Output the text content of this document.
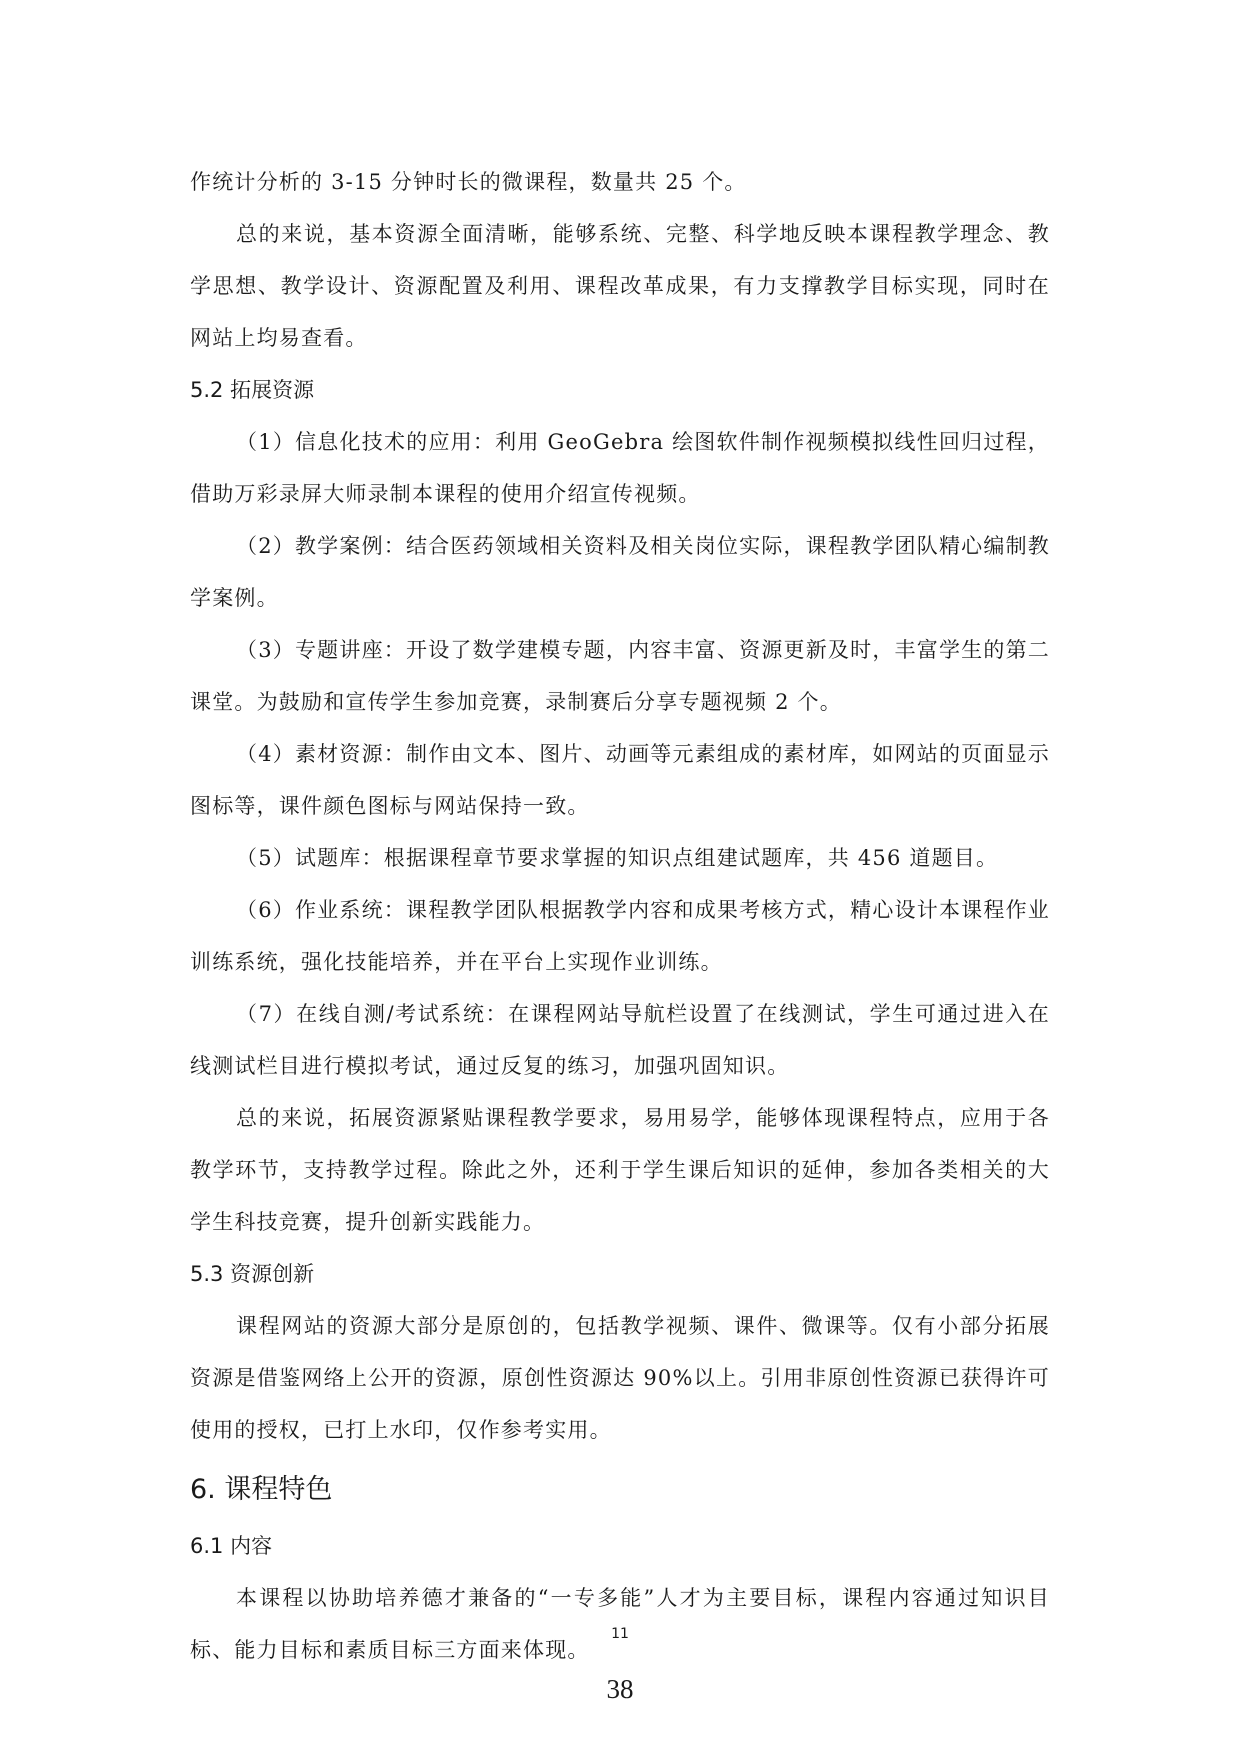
作统计分析的 3-15 分钟时长的微课程，数量共 25 个。

总的来说，基本资源全面清晰，能够系统、完整、科学地反映本课程教学理念、教学思想、教学设计、资源配置及利用、课程改革成果，有力支撑教学目标实现，同时在网站上均易查看。

5.2 拓展资源

（1）信息化技术的应用：利用 GeoGebra 绘图软件制作视频模拟线性回归过程，借助万彩录屏大师录制本课程的使用介绍宣传视频。

（2）教学案例：结合医药领域相关资料及相关岗位实际，课程教学团队精心编制教学案例。

（3）专题讲座：开设了数学建模专题，内容丰富、资源更新及时，丰富学生的第二课堂。为鼓励和宣传学生参加竞赛，录制赛后分享专题视频 2 个。

（4）素材资源：制作由文本、图片、动画等元素组成的素材库，如网站的页面显示图标等，课件颜色图标与网站保持一致。

（5）试题库：根据课程章节要求掌握的知识点组建试题库，共 456 道题目。

（6）作业系统：课程教学团队根据教学内容和成果考核方式，精心设计本课程作业训练系统，强化技能培养，并在平台上实现作业训练。

（7）在线自测/考试系统：在课程网站导航栏设置了在线测试，学生可通过进入在线测试栏目进行模拟考试，通过反复的练习，加强巩固知识。

总的来说，拓展资源紧贴课程教学要求，易用易学，能够体现课程特点，应用于各教学环节，支持教学过程。除此之外，还利于学生课后知识的延伸，参加各类相关的大学生科技竞赛，提升创新实践能力。

5.3 资源创新

课程网站的资源大部分是原创的，包括教学视频、课件、微课等。仅有小部分拓展资源是借鉴网络上公开的资源，原创性资源达 90%以上。引用非原创性资源已获得许可使用的授权，已打上水印，仅作参考实用。

6. 课程特色
6.1 内容

本课程以协助培养德才兼备的“一专多能”人才为主要目标，课程内容通过知识目标、能力目标和素质目标三方面来体现。

11
38
